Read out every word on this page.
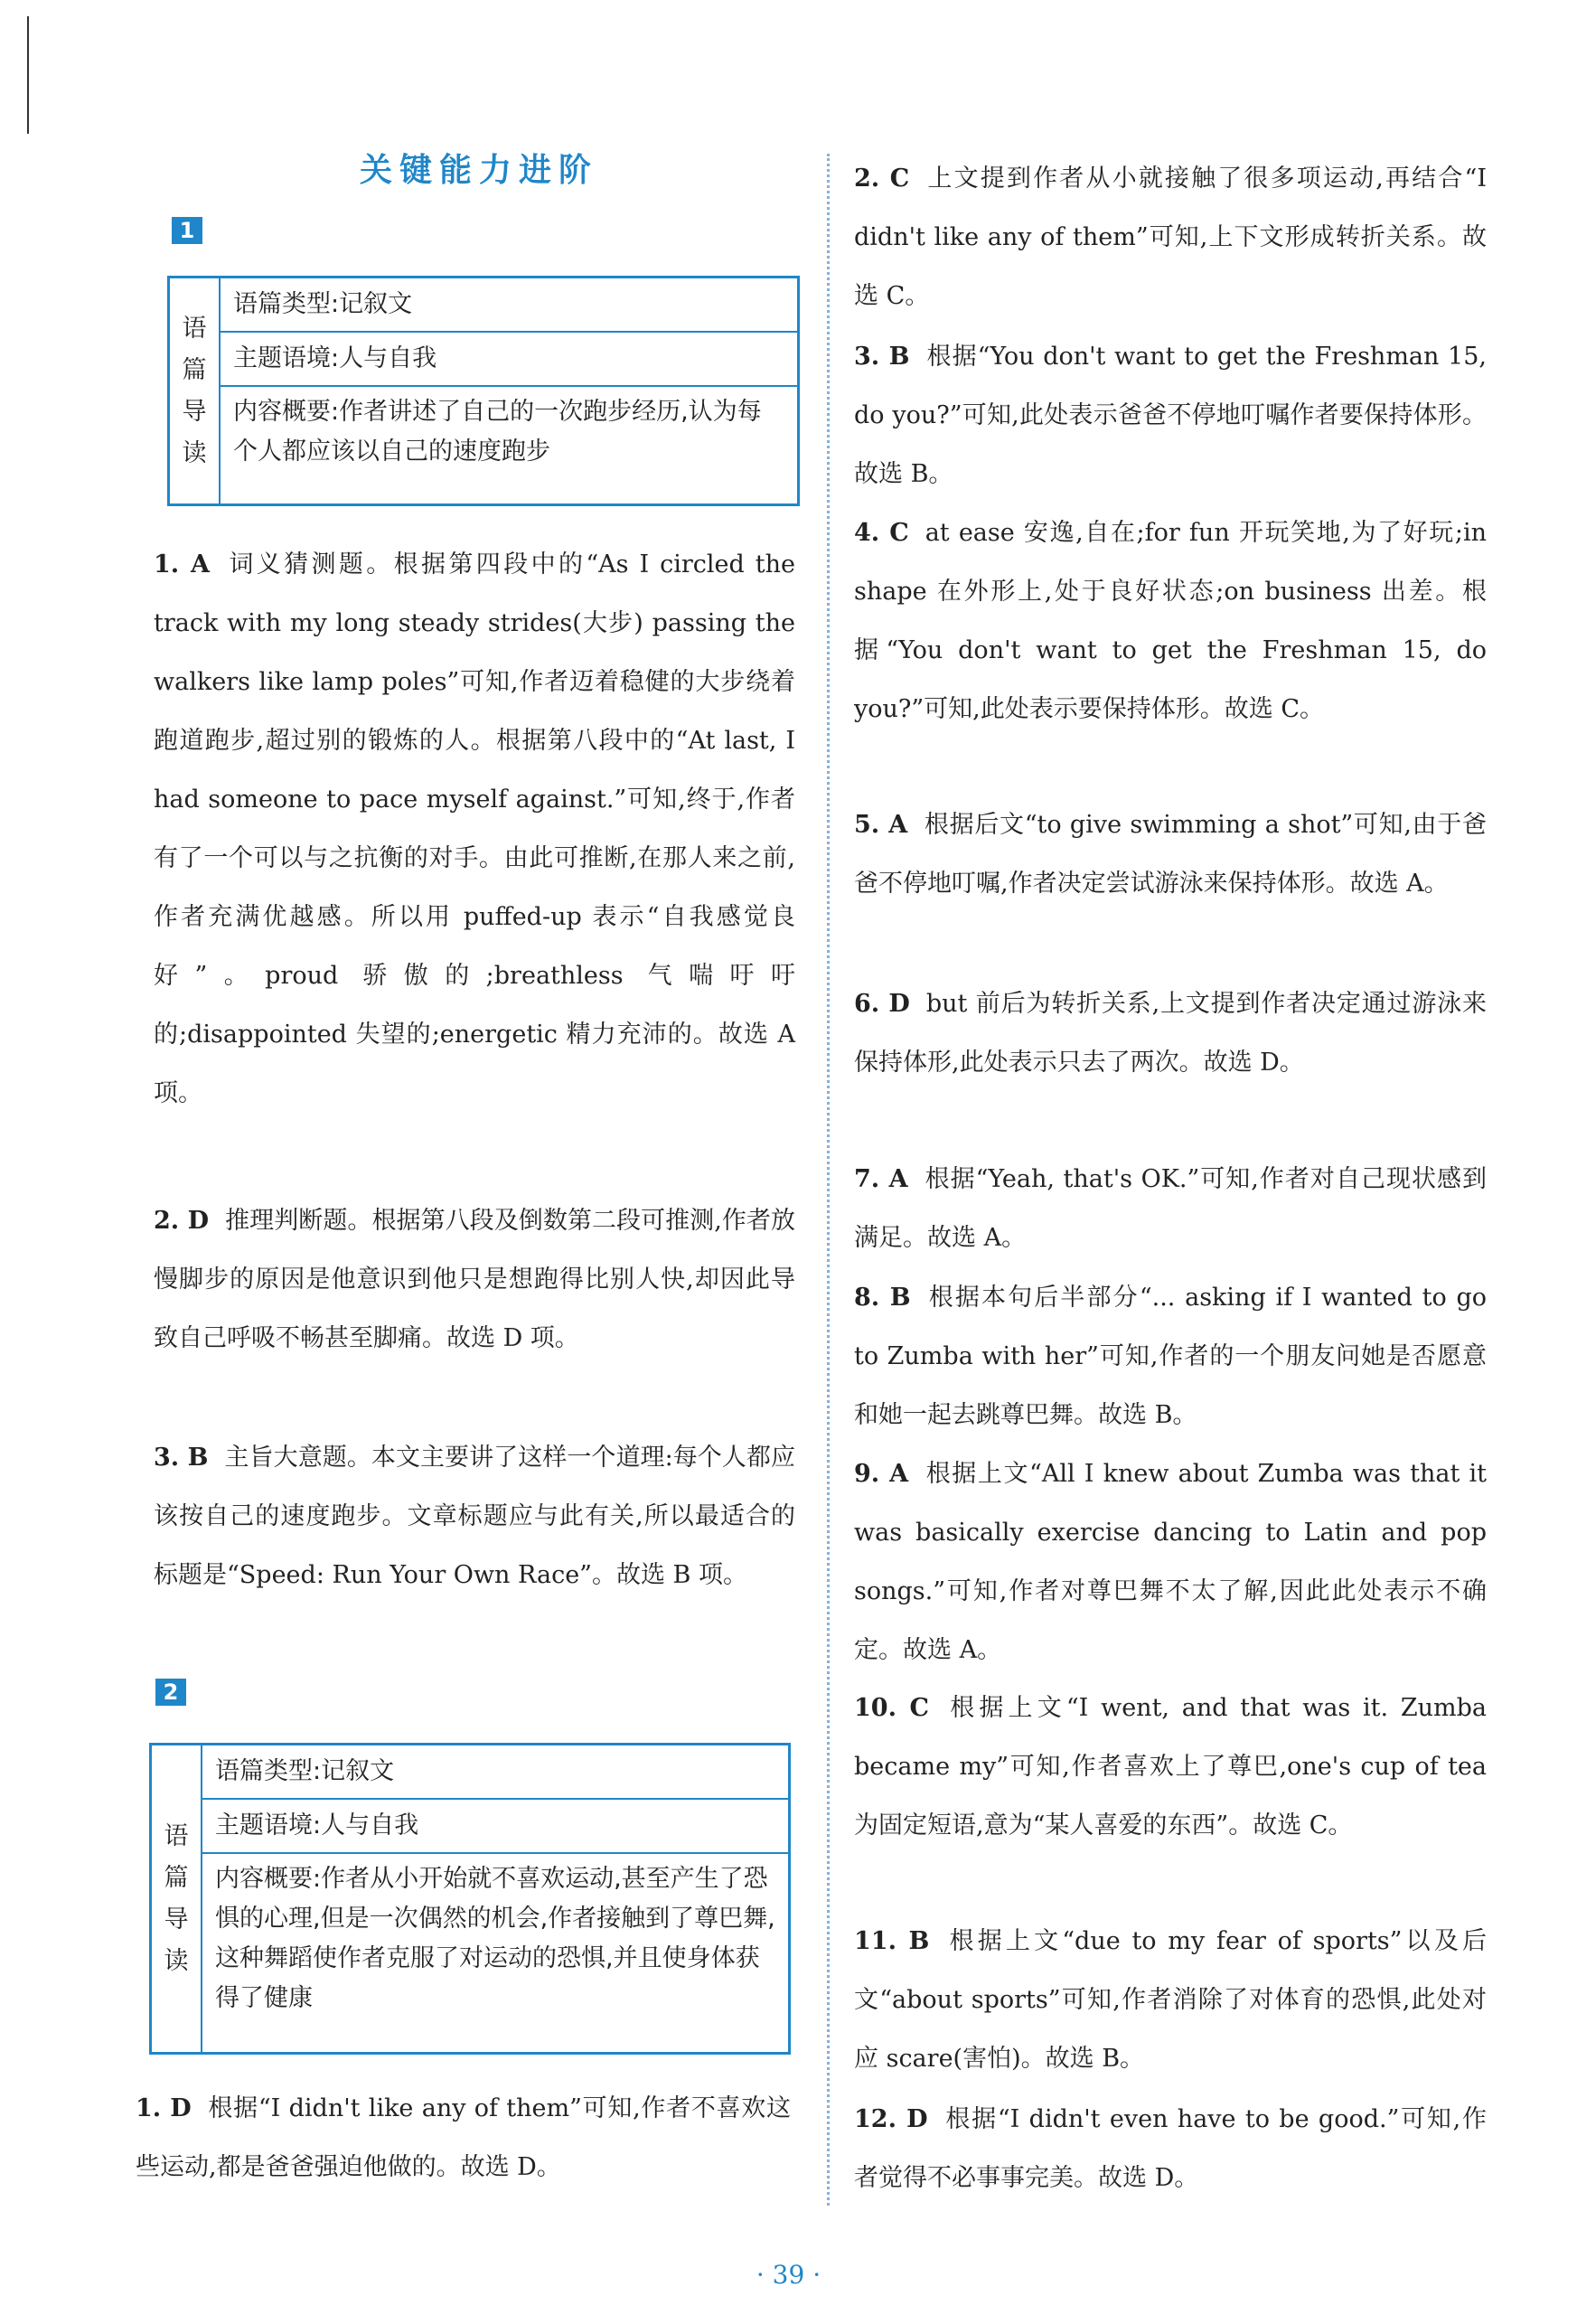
关键能力进阶
1
语
篇
导
读
语篇类型:记叙文
主题语境:人与自我
内容概要:作者讲述了自己的一次跑步经历,认为每个人都应该以自己的速度跑步
1. A 词义猜测题。根据第四段中的“As I circled the track with my long steady strides(大步) passing the walkers like lamp poles”可知,作者迈着稳健的大步绕着跑道跑步,超过别的锻炼的人。根据第八段中的“At last, I had someone to pace myself against.”可知,终于,作者有了一个可以与之抗衡的对手。由此可推断,在那人来之前,作者充满优越感。所以用 puffed-up 表示“自我感觉良好”。proud 骄傲的;breathless 气喘吁吁的;disappointed 失望的;energetic 精力充沛的。故选 A 项。
2. D 推理判断题。根据第八段及倒数第二段可推测,作者放慢脚步的原因是他意识到他只是想跑得比别人快,却因此导致自己呼吸不畅甚至脚痛。故选 D 项。
3. B 主旨大意题。本文主要讲了这样一个道理:每个人都应该按自己的速度跑步。文章标题应与此有关,所以最适合的标题是“Speed: Run Your Own Race”。故选 B 项。
2
语
篇
导
读
语篇类型:记叙文
主题语境:人与自我
内容概要:作者从小开始就不喜欢运动,甚至产生了恐惧的心理,但是一次偶然的机会,作者接触到了尊巴舞,这种舞蹈使作者克服了对运动的恐惧,并且使身体获得了健康
1. D 根据“I didn't like any of them”可知,作者不喜欢这些运动,都是爸爸强迫他做的。故选 D。
2. C 上文提到作者从小就接触了很多项运动,再结合“I didn't like any of them”可知,上下文形成转折关系。故选 C。
3. B 根据“You don't want to get the Freshman 15, do you?”可知,此处表示爸爸不停地叮嘱作者要保持体形。故选 B。
4. C at ease 安逸,自在;for fun 开玩笑地,为了好玩;in shape 在外形上,处于良好状态;on business 出差。根据“You don't want to get the Freshman 15, do you?”可知,此处表示要保持体形。故选 C。
5. A 根据后文“to give swimming a shot”可知,由于爸爸不停地叮嘱,作者决定尝试游泳来保持体形。故选 A。
6. D but 前后为转折关系,上文提到作者决定通过游泳来保持体形,此处表示只去了两次。故选 D。
7. A 根据“Yeah, that's OK.”可知,作者对自己现状感到满足。故选 A。
8. B 根据本句后半部分“... asking if I wanted to go to Zumba with her”可知,作者的一个朋友问她是否愿意和她一起去跳尊巴舞。故选 B。
9. A 根据上文“All I knew about Zumba was that it was basically exercise dancing to Latin and pop songs.”可知,作者对尊巴舞不太了解,因此此处表示不确定。故选 A。
10. C 根据上文“I went, and that was it. Zumba became my”可知,作者喜欢上了尊巴,one's cup of tea 为固定短语,意为“某人喜爱的东西”。故选 C。
11. B 根据上文“due to my fear of sports”以及后文“about sports”可知,作者消除了对体育的恐惧,此处对应 scare(害怕)。故选 B。
12. D 根据“I didn't even have to be good.”可知,作者觉得不必事事完美。故选 D。
· 39 ·
